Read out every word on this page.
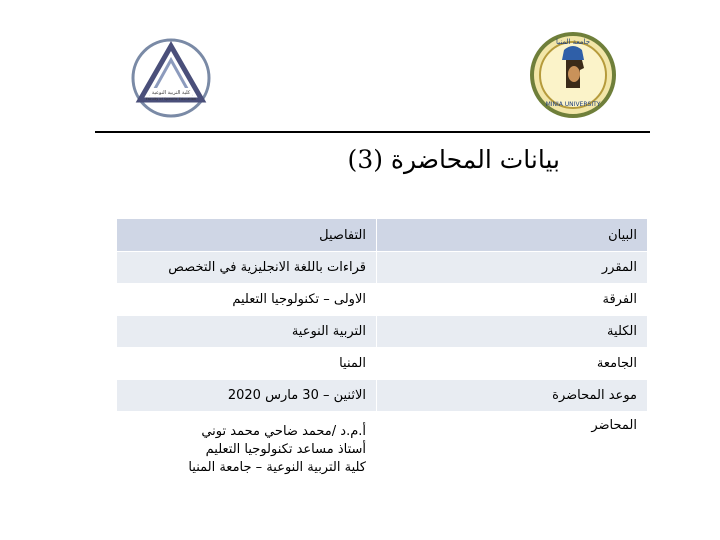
كلية التربية النوعية
Faculty of Specific Education
جامعة المنيا
MINIA UNIVERSITY
بيانات المحاضرة (3)
البيان	التفاصيل
المقرر	قراءات باللغة الانجليزية في التخصص
الفرقة	الاولى – تكنولوجيا التعليم
الكلية	التربية النوعية
الجامعة	المنيا
موعد المحاضرة	الاثنين – 30 مارس 2020
المحاضر	أ.م.د /محمد ضاحي محمد توني
أستاذ مساعد تكنولوجيا التعليم
كلية التربية النوعية – جامعة المنيا
